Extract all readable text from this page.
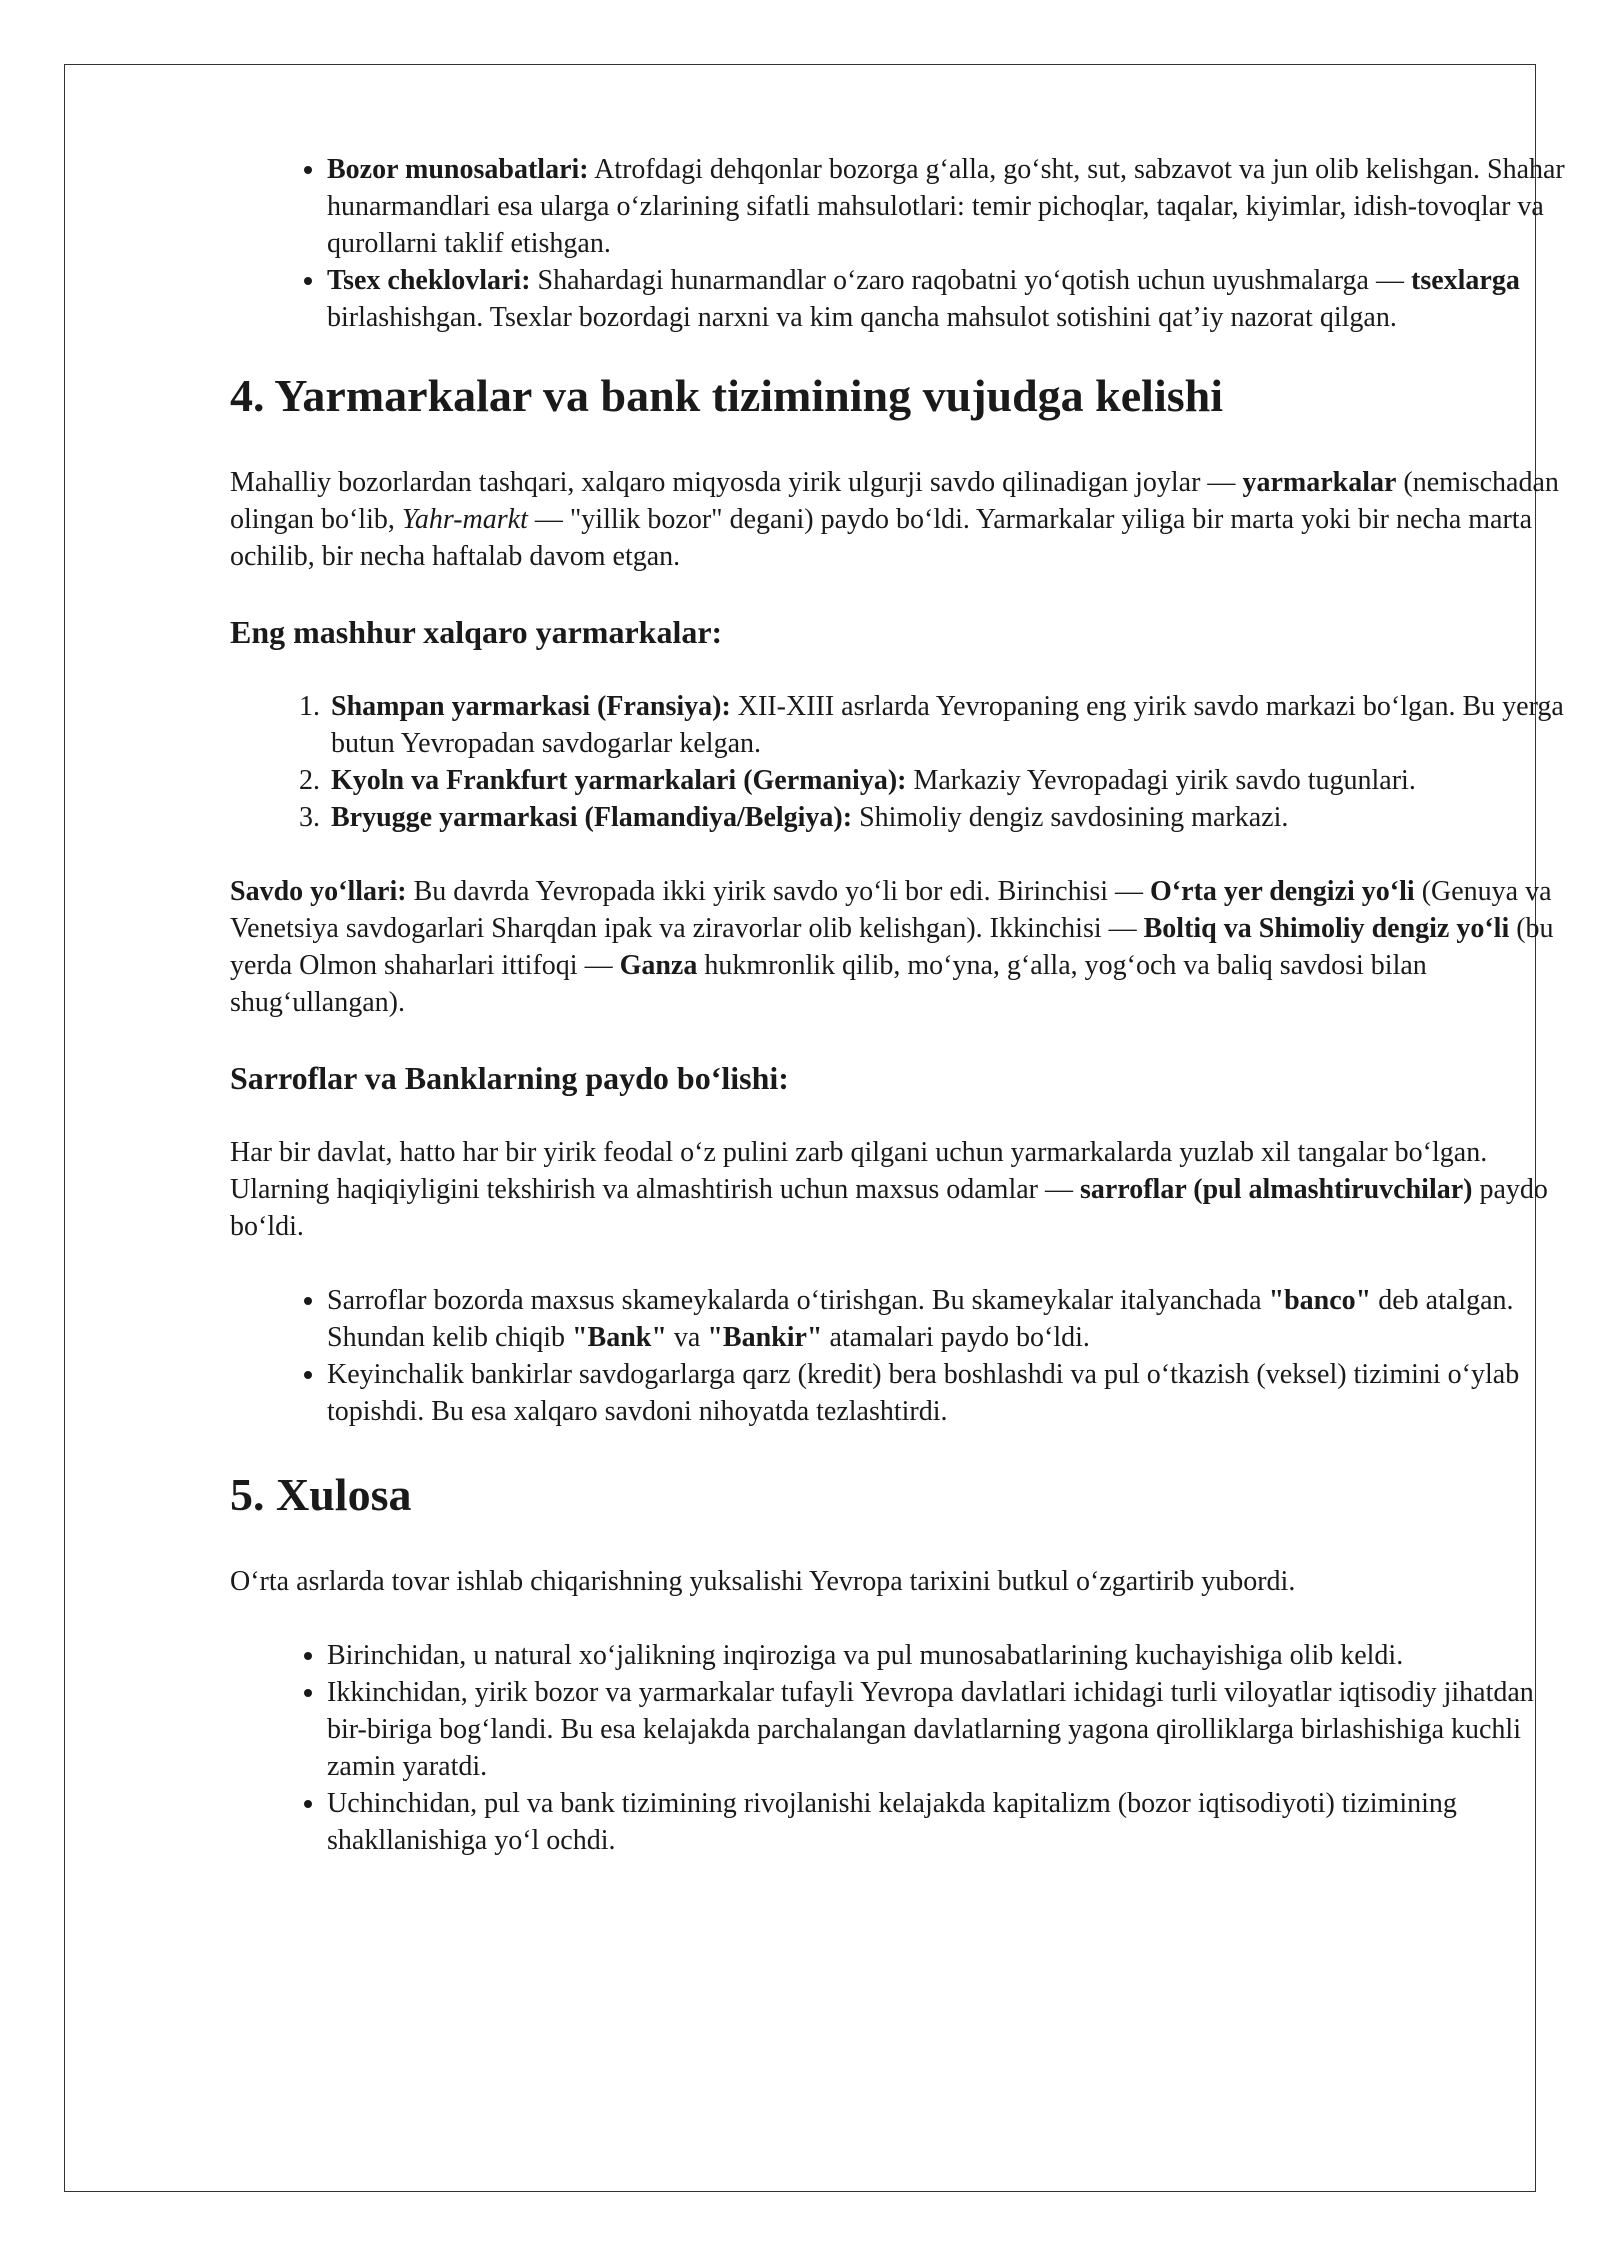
• Bozor munosabatlari: Atrofdagi dehqonlar bozorga g‘alla, go‘sht, sut, sabzavot va jun olib kelishgan. Shahar hunarmandlari esa ularga o‘zlarining sifatli mahsulotlari: temir pichoqlar, taqalar, kiyimlar, idish-tovoqlar va qurollarni taklif etishgan.
• Tsex cheklovlari: Shahardagi hunarmandlar o‘zaro raqobatni yo‘qotish uchun uyushmalarga — tsexlarga birlashishgan. Tsexlar bozordagi narxni va kim qancha mahsulot sotishini qat’iy nazorat qilgan.
4. Yarmarkalar va bank tizimining vujudga kelishi

Mahalliy bozorlardan tashqari, xalqaro miqyosda yirik ulgurji savdo qilinadigan joylar — yarmarkalar (nemischadan olingan bo‘lib, Yahr-markt — "yillik bozor" degani) paydo bo‘ldi. Yarmarkalar yiliga bir marta yoki bir necha marta ochilib, bir necha haftalab davom etgan.

Eng mashhur xalqaro yarmarkalar:
1. Shampan yarmarkasi (Fransiya): XII-XIII asrlarda Yevropaning eng yirik savdo markazi bo‘lgan. Bu yerga butun Yevropadan savdogarlar kelgan.
2. Kyoln va Frankfurt yarmarkalari (Germaniya): Markaziy Yevropadagi yirik savdo tugunlari.
3. Bryugge yarmarkasi (Flamandiya/Belgiya): Shimoliy dengiz savdosining markazi.

Savdo yo‘llari: Bu davrda Yevropada ikki yirik savdo yo‘li bor edi. Birinchisi — O‘rta yer dengizi yo‘li (Genuya va Venetsiya savdogarlari Sharqdan ipak va ziravorlar olib kelishgan). Ikkinchisi — Boltiq va Shimoliy dengiz yo‘li (bu yerda Olmon shaharlari ittifoqi — Ganza hukmronlik qilib, mo‘yna, g‘alla, yog‘och va baliq savdosi bilan shug‘ullangan).

Sarroflar va Banklarning paydo bo‘lishi:

Har bir davlat, hatto har bir yirik feodal o‘z pulini zarb qilgani uchun yarmarkalarda yuzlab xil tangalar bo‘lgan. Ularning haqiqiyligini tekshirish va almashtirish uchun maxsus odamlar — sarroflar (pul almashtiruvchilar) paydo bo‘ldi.

• Sarroflar bozorda maxsus skameykalarda o‘tirishgan. Bu skameykalar italyanchada "banco" deb atalgan. Shundan kelib chiqib "Bank" va "Bankir" atamalari paydo bo‘ldi.
• Keyinchalik bankirlar savdogarlarga qarz (kredit) bera boshlashdi va pul o‘tkazish (veksel) tizimini o‘ylab topishdi. Bu esa xalqaro savdoni nihoyatda tezlashtirdi.
5. Xulosa

O‘rta asrlarda tovar ishlab chiqarishning yuksalishi Yevropa tarixini butkul o‘zgartirib yubordi.

• Birinchidan, u natural xo‘jalikning inqiroziga va pul munosabatlarining kuchayishiga olib keldi.
• Ikkinchidan, yirik bozor va yarmarkalar tufayli Yevropa davlatlari ichidagi turli viloyatlar iqtisodiy jihatdan bir-biriga bog‘landi. Bu esa kelajakda parchalangan davlatlarning yagona qirolliklarga birlashishiga kuchli zamin yaratdi.
• Uchinchidan, pul va bank tizimining rivojlanishi kelajakda kapitalizm (bozor iqtisodiyoti) tizimining shakllanishiga yo‘l ochdi.
